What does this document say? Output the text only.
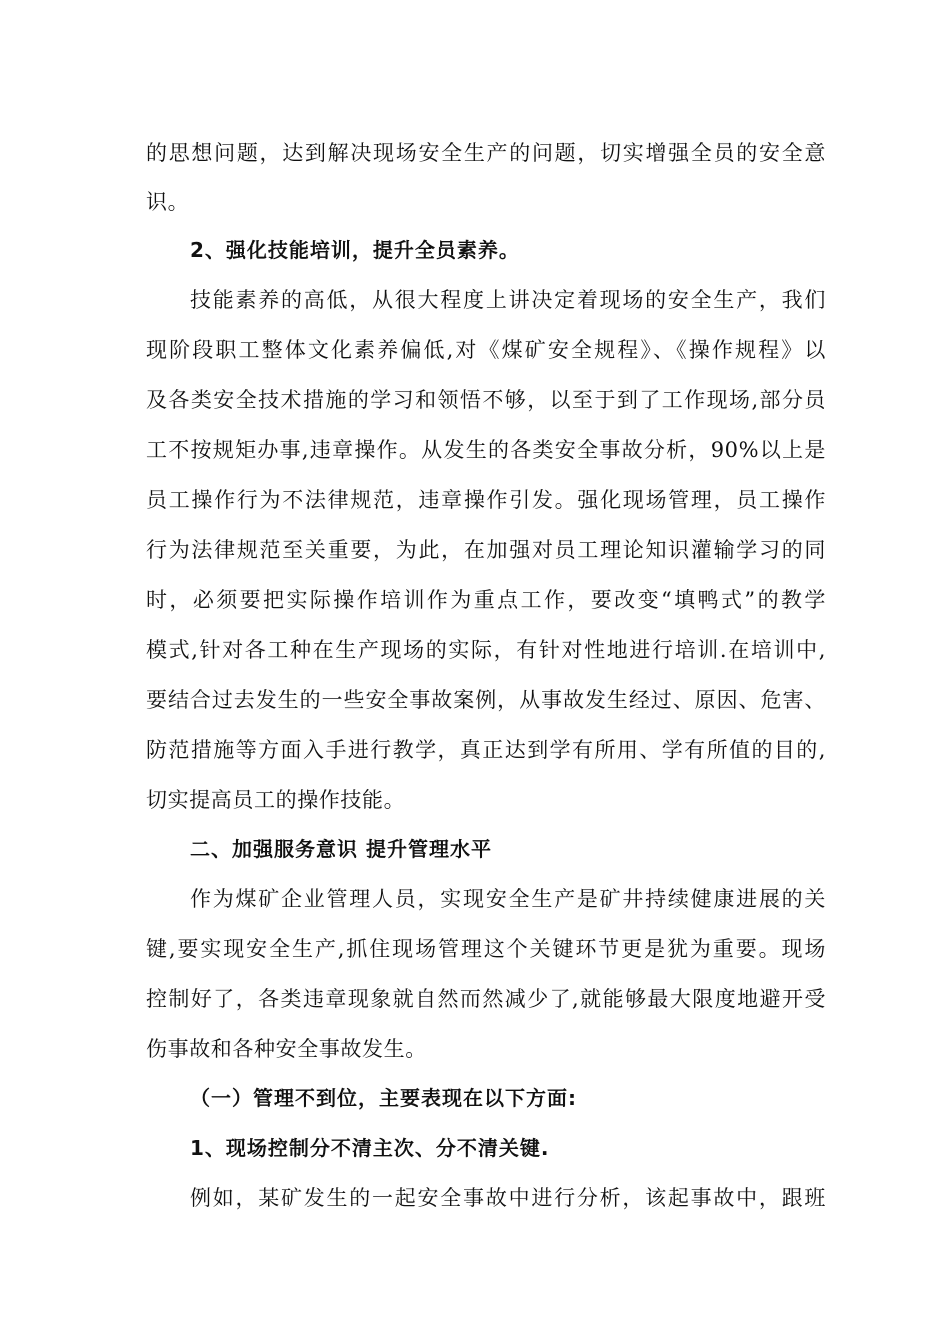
的思想问题，达到解决现场安全生产的问题，切实增强全员的安全意
识。
2、强化技能培训，提升全员素养。
技能素养的高低，从很大程度上讲决定着现场的安全生产，我们
现阶段职工整体文化素养偏低,对《煤矿安全规程》、《操作规程》以
及各类安全技术措施的学习和领悟不够，以至于到了工作现场,部分员
工不按规矩办事,违章操作。从发生的各类安全事故分析，90%以上是
员工操作行为不法律规范，违章操作引发。强化现场管理，员工操作
行为法律规范至关重要，为此，在加强对员工理论知识灌输学习的同
时，必须要把实际操作培训作为重点工作，要改变“填鸭式”的教学
模式,针对各工种在生产现场的实际，有针对性地进行培训.在培训中,
要结合过去发生的一些安全事故案例，从事故发生经过、原因、危害、
防范措施等方面入手进行教学，真正达到学有所用、学有所值的目的,
切实提高员工的操作技能。
二、加强服务意识 提升管理水平
作为煤矿企业管理人员，实现安全生产是矿井持续健康进展的关
键,要实现安全生产,抓住现场管理这个关键环节更是犹为重要。现场
控制好了，各类违章现象就自然而然减少了,就能够最大限度地避开受
伤事故和各种安全事故发生。
（一）管理不到位，主要表现在以下方面:
1、现场控制分不清主次、分不清关键.
例如，某矿发生的一起安全事故中进行分析，该起事故中，跟班
